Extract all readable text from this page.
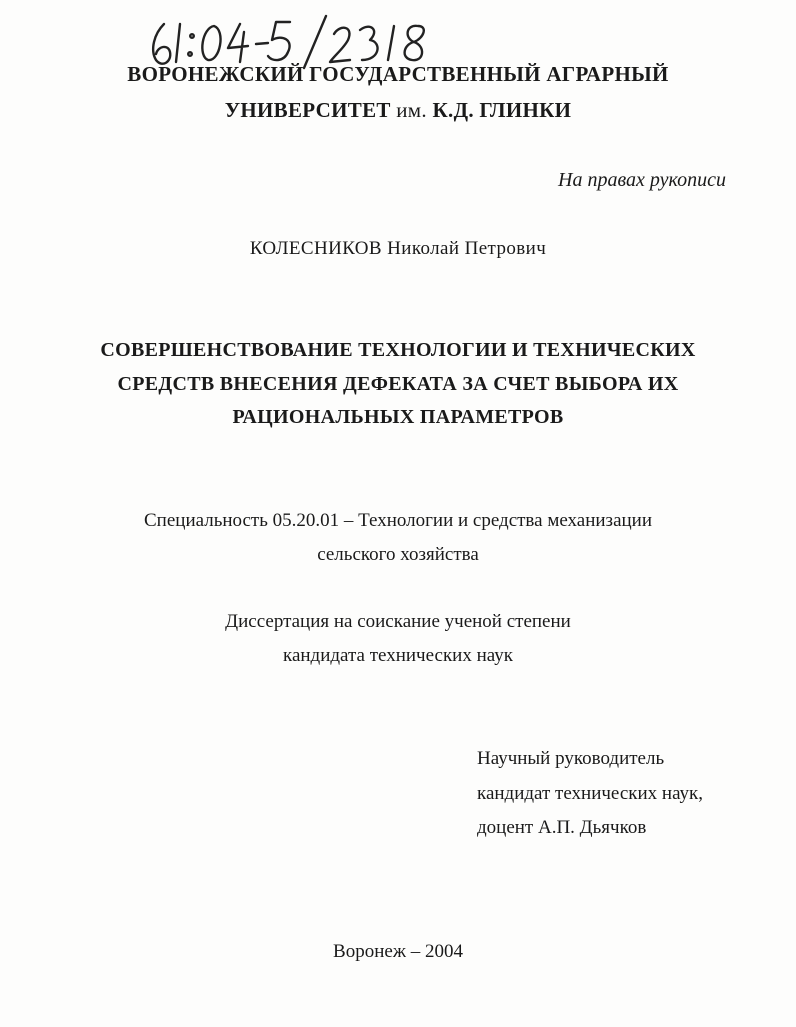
ВОРОНЕЖСКИЙ ГОСУДАРСТВЕННЫЙ АГРАРНЫЙ
УНИВЕРСИТЕТ им. К.Д. ГЛИНКИ
На правах рукописи
КОЛЕСНИКОВ Николай Петрович
СОВЕРШЕНСТВОВАНИЕ ТЕХНОЛОГИИ И ТЕХНИЧЕСКИХ
СРЕДСТВ ВНЕСЕНИЯ ДЕФЕКАТА ЗА СЧЕТ ВЫБОРА ИХ
РАЦИОНАЛЬНЫХ ПАРАМЕТРОВ
Специальность 05.20.01 – Технологии и средства механизации
сельского хозяйства
Диссертация на соискание ученой степени
кандидата технических наук
Научный руководитель
кандидат технических наук,
доцент А.П. Дьячков
Воронеж – 2004
